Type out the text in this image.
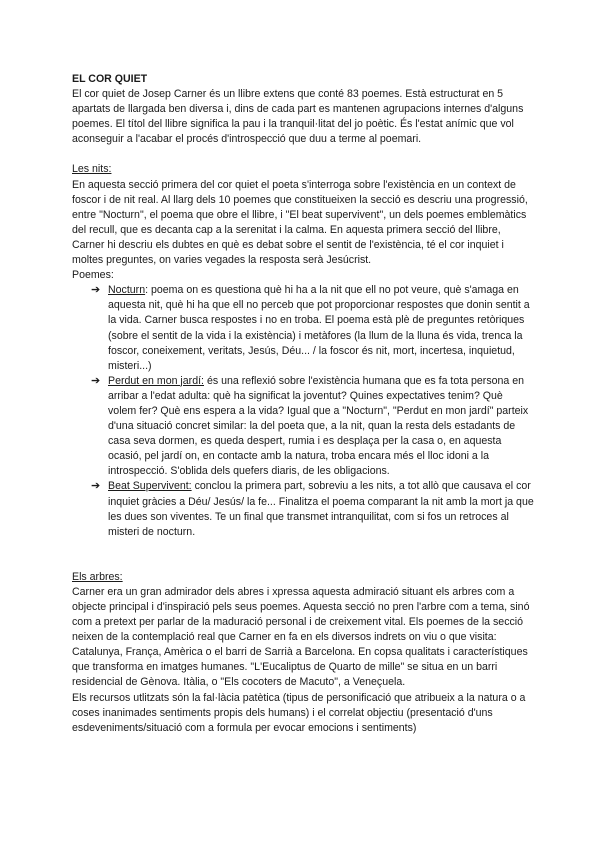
EL COR QUIET

El cor quiet de Josep Carner és un llibre extens que conté 83 poemes. Està estructurat en 5 apartats de llargada ben diversa i, dins de cada part es mantenen agrupacions internes d'alguns poemes. El títol del llibre significa la pau i la tranquil·litat del jo poètic. És l'estat anímic que vol aconseguir a l'acabar el procés d'introspecció que duu a terme al poemari.

Les nits:

En aquesta secció primera del cor quiet el poeta s'interroga sobre l'existència en un context de foscor i de nit real. Al llarg dels 10 poemes que constitueixen la secció es descriu una progressió, entre "Nocturn", el poema que obre el llibre, i "El beat supervivent", un dels poemes emblemàtics del recull, que es decanta cap a la serenitat i la calma. En aquesta primera secció del llibre, Carner hi descriu els dubtes en què es debat sobre el sentit de l'existència, té el cor inquiet i moltes preguntes, on varies vegades la resposta serà Jesúcrist.

Poemes:

➔ Nocturn: poema on es questiona què hi ha a la nit que ell no pot veure, què s'amaga en aquesta nit, què hi ha que ell no perceb que pot proporcionar respostes que donin sentit a la vida. Carner busca respostes i no en troba. El poema està plè de preguntes retòriques (sobre el sentit de la vida i la existència) i metàfores (la llum de la lluna és vida, trenca la foscor, coneixement, veritats, Jesús, Déu... / la foscor és nit, mort, incertesa, inquietud, misteri...)
➔ Perdut en mon jardí: és una reflexió sobre l'existència humana que es fa tota persona en arribar a l'edat adulta: què ha significat la joventut? Quines expectatives tenim? Què volem fer? Què ens espera a la vida? Igual que a "Nocturn", "Perdut en mon jardí" parteix d'una situació concret similar: la del poeta que, a la nit, quan la resta dels estadants de casa seva dormen, es queda despert, rumia i es desplaça per la casa o, en aquesta ocasió, pel jardí on, en contacte amb la natura, troba encara més el lloc idoni a la introspecció. S'oblida dels quefers diaris, de les obligacions.
➔ Beat Supervivent: conclou la primera part, sobreviu a les nits, a tot allò que causava el cor inquiet gràcies a Déu/ Jesús/ la fe... Finalitza el poema comparant la nit amb la mort ja que les dues son viventes. Te un final que transmet intranquilitat, com si fos un retroces al misteri de nocturn.

Els arbres:

Carner era un gran admirador dels abres i xpressa aquesta admiració situant els arbres com a objecte principal i d'inspiració pels seus poemes. Aquesta secció no pren l'arbre com a tema, sinó com a pretext per parlar de la maduració personal i de creixement vital. Els poemes de la secció neixen de la contemplació real que Carner en fa en els diversos indrets on viu o que visita: Catalunya, França, Amèrica o el barri de Sarrià a Barcelona. En copsa qualitats i característiques que transforma en imatges humanes. "L'Eucaliptus de Quarto de mille" se situa en un barri residencial de Gènova. Itàlia, o "Els cocoters de Macuto", a Veneçuela.

Els recursos utlitzats són la fal·làcia patètica (tipus de personificació que atribueix a la natura o a coses inanimades sentiments propis dels humans) i el correlat objectiu (presentació d'uns esdeveniments/situació com a formula per evocar emocions i sentiments)
